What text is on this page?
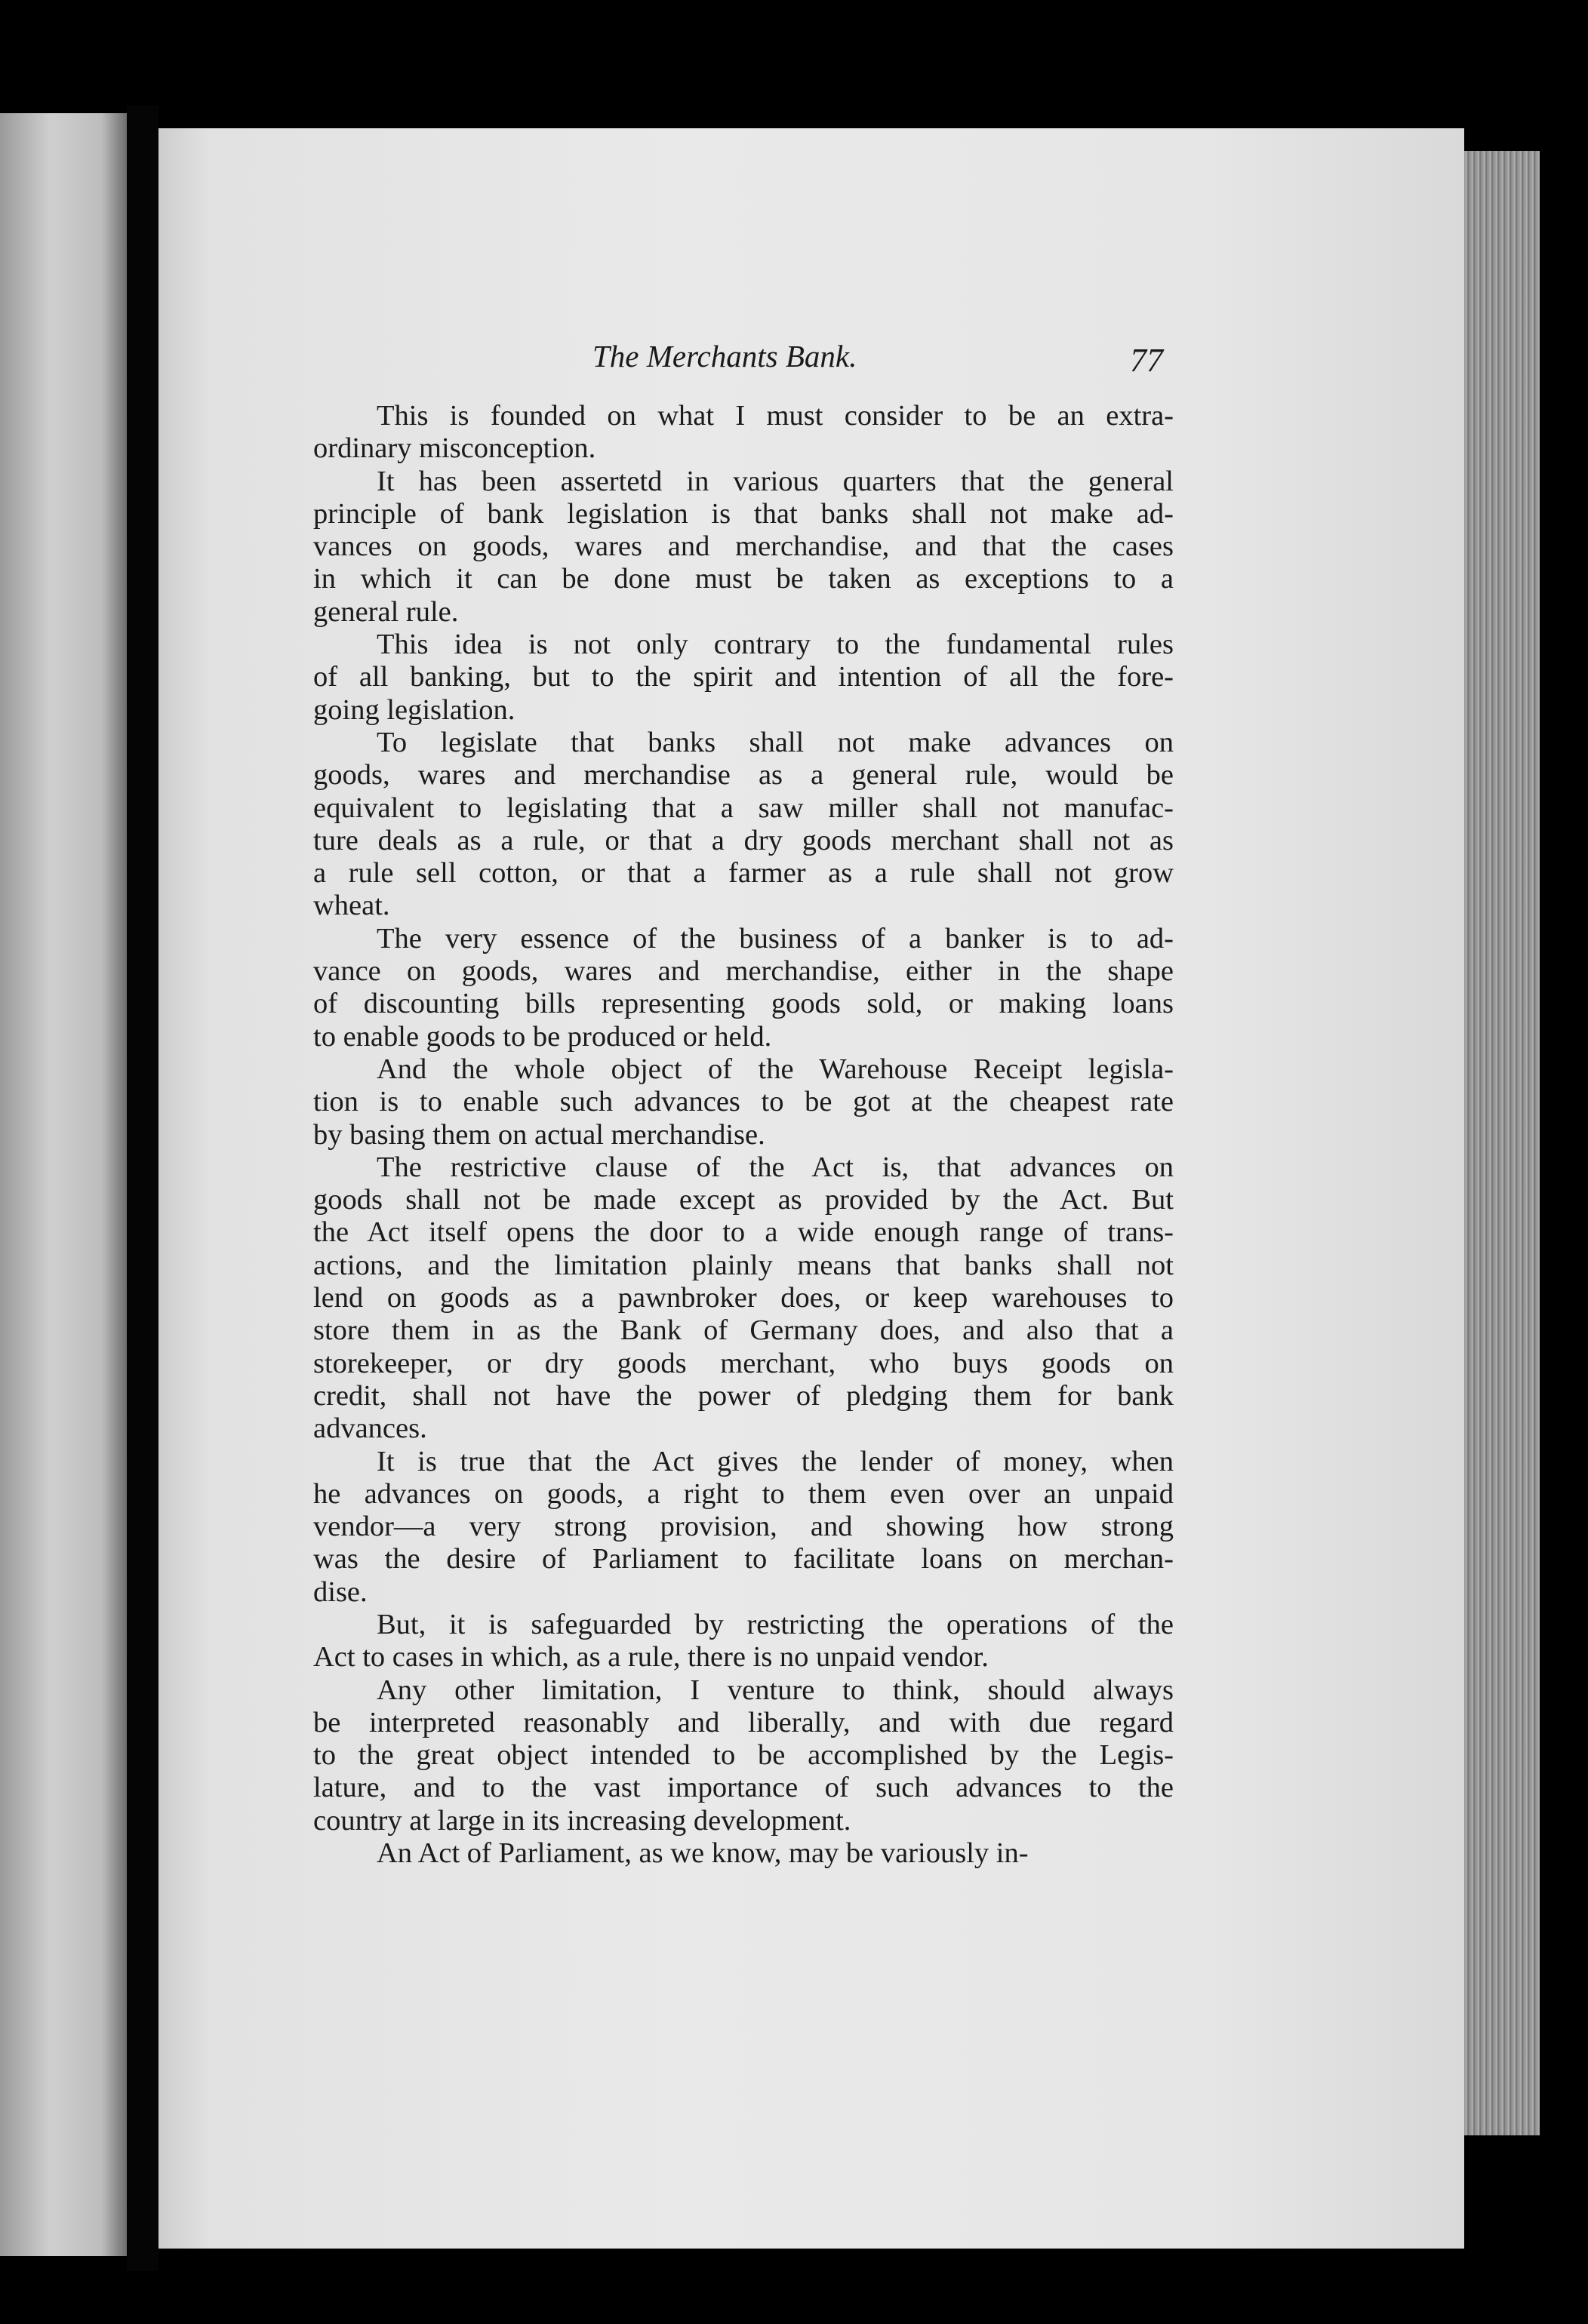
The Merchants Bank.	77
This is founded on what I must consider to be an extra-
ordinary misconception.
It has been assertetd in various quarters that the general
principle of bank legislation is that banks shall not make ad-
vances on goods, wares and merchandise, and that the cases
in which it can be done must be taken as exceptions to a
general rule.
This idea is not only contrary to the fundamental rules
of all banking, but to the spirit and intention of all the fore-
going legislation.
To legislate that banks shall not make advances on
goods, wares and merchandise as a general rule, would be
equivalent to legislating that a saw miller shall not manufac-
ture deals as a rule, or that a dry goods merchant shall not as
a rule sell cotton, or that a farmer as a rule shall not grow
wheat.
The very essence of the business of a banker is to ad-
vance on goods, wares and merchandise, either in the shape
of discounting bills representing goods sold, or making loans
to enable goods to be produced or held.
And the whole object of the Warehouse Receipt legisla-
tion is to enable such advances to be got at the cheapest rate
by basing them on actual merchandise.
The restrictive clause of the Act is, that advances on
goods shall not be made except as provided by the Act. But
the Act itself opens the door to a wide enough range of trans-
actions, and the limitation plainly means that banks shall not
lend on goods as a pawnbroker does, or keep warehouses to
store them in as the Bank of Germany does, and also that a
storekeeper, or dry goods merchant, who buys goods on
credit, shall not have the power of pledging them for bank
advances.
It is true that the Act gives the lender of money, when
he advances on goods, a right to them even over an unpaid
vendor—a very strong provision, and showing how strong
was the desire of Parliament to facilitate loans on merchan-
dise.
But, it is safeguarded by restricting the operations of the
Act to cases in which, as a rule, there is no unpaid vendor.
Any other limitation, I venture to think, should always
be interpreted reasonably and liberally, and with due regard
to the great object intended to be accomplished by the Legis-
lature, and to the vast importance of such advances to the
country at large in its increasing development.
An Act of Parliament, as we know, may be variously in-
